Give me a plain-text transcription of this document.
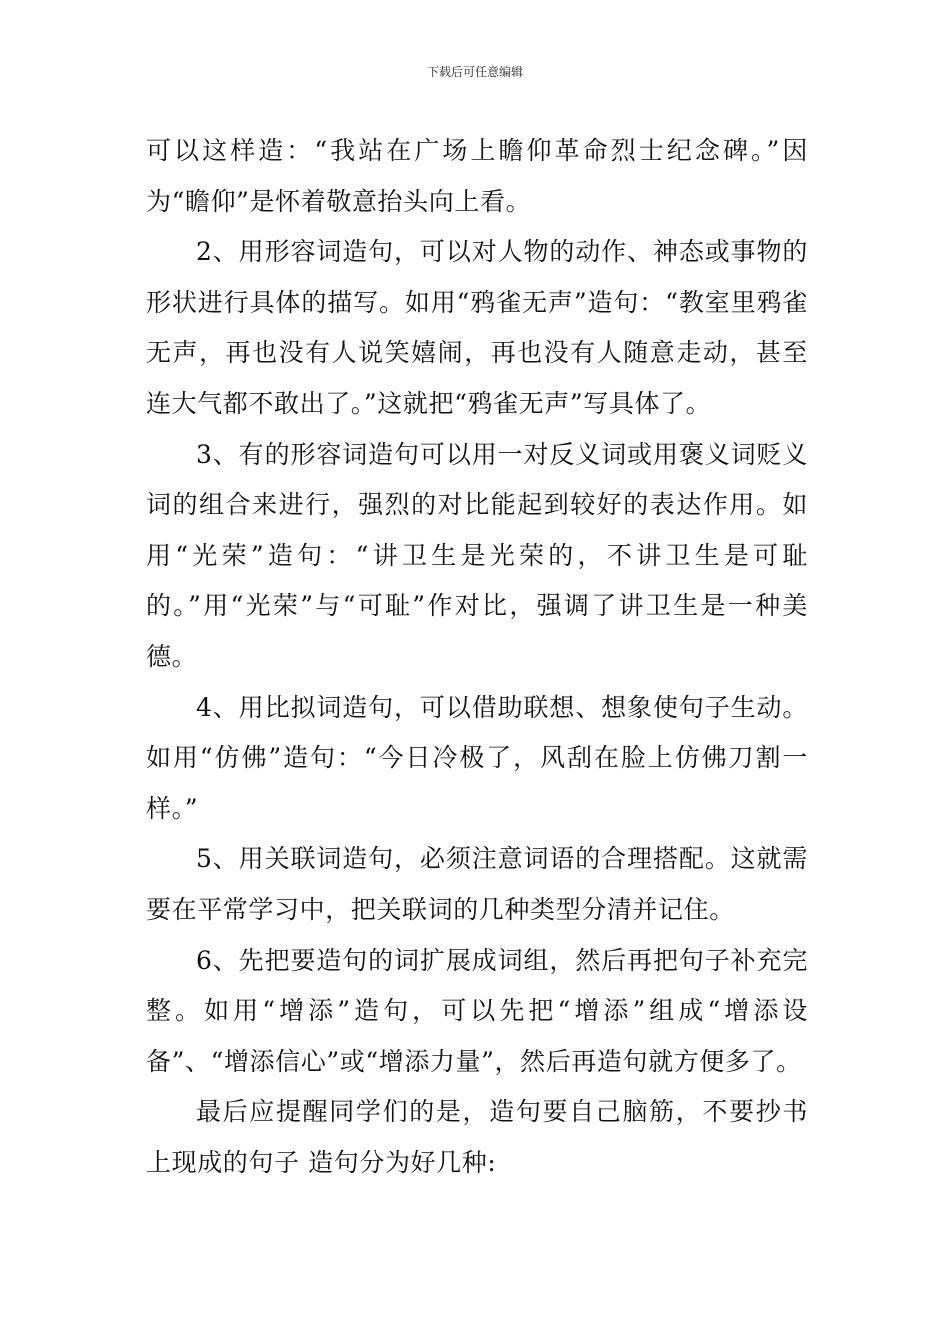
下载后可任意编辑

可以这样造：“我站在广场上瞻仰革命烈士纪念碑。”因为“瞻仰”是怀着敬意抬头向上看。

2、用形容词造句，可以对人物的动作、神态或事物的形状进行具体的描写。如用“鸦雀无声”造句：“教室里鸦雀无声，再也没有人说笑嬉闹，再也没有人随意走动，甚至连大气都不敢出了。”这就把“鸦雀无声”写具体了。

3、有的形容词造句可以用一对反义词或用褒义词贬义词的组合来进行，强烈的对比能起到较好的表达作用。如用“光荣”造句：“讲卫生是光荣的，不讲卫生是可耻的。”用“光荣”与“可耻”作对比，强调了讲卫生是一种美德。

4、用比拟词造句，可以借助联想、想象使句子生动。如用“仿佛”造句：“今日冷极了，风刮在脸上仿佛刀割一样。”

5、用关联词造句，必须注意词语的合理搭配。这就需要在平常学习中，把关联词的几种类型分清并记住。

6、先把要造句的词扩展成词组，然后再把句子补充完整。如用“增添”造句，可以先把“增添”组成“增添设备”、“增添信心”或“增添力量”，然后再造句就方便多了。

最后应提醒同学们的是，造句要自己脑筋，不要抄书上现成的句子 造句分为好几种:
